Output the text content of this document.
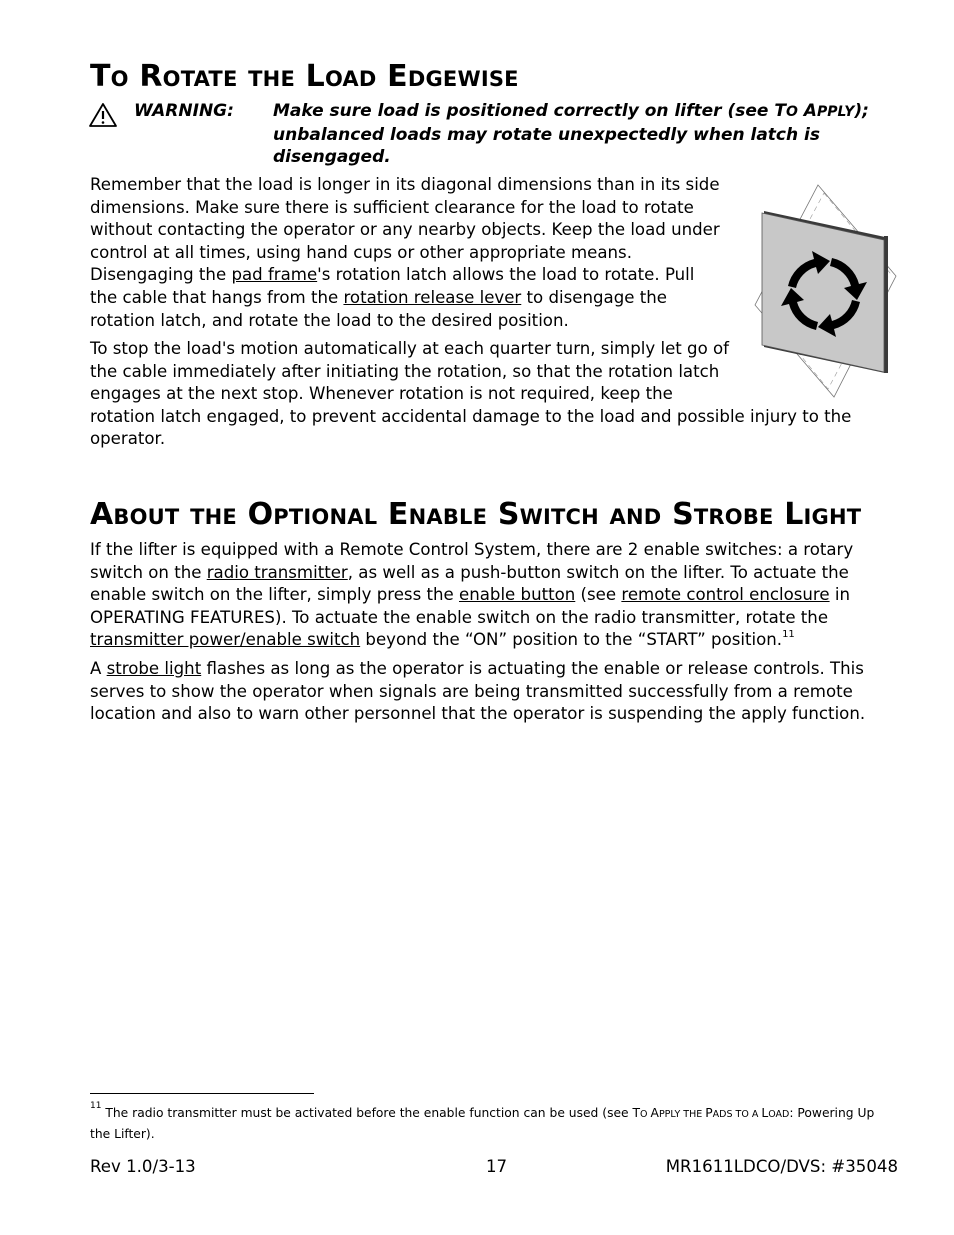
To Rotate the Load Edgewise
WARNING: Make sure load is positioned correctly on lifter (see TO APPLY);
unbalanced loads may rotate unexpectedly when latch is
disengaged.

Remember that the load is longer in its diagonal dimensions than in its side
dimensions. Make sure there is sufficient clearance for the load to rotate
without contacting the operator or any nearby objects. Keep the load under
control at all times, using hand cups or other appropriate means.
Disengaging the pad frame's rotation latch allows the load to rotate. Pull
the cable that hangs from the rotation release lever to disengage the
rotation latch, and rotate the load to the desired position.

To stop the load's motion automatically at each quarter turn, simply let go of
the cable immediately after initiating the rotation, so that the rotation latch
engages at the next stop. Whenever rotation is not required, keep the
rotation latch engaged, to prevent accidental damage to the load and possible injury to the
operator.

About the Optional Enable Switch and Strobe Light

If the lifter is equipped with a Remote Control System, there are 2 enable switches: a rotary
switch on the radio transmitter, as well as a push-button switch on the lifter. To actuate the
enable switch on the lifter, simply press the enable button (see remote control enclosure in
OPERATING FEATURES). To actuate the enable switch on the radio transmitter, rotate the
transmitter power/enable switch beyond the “ON” position to the “START” position.$^{11}$

A strobe light flashes as long as the operator is actuating the enable or release controls. This
serves to show the operator when signals are being transmitted successfully from a remote
location and also to warn other personnel that the operator is suspending the apply function.

$^{11}$ The radio transmitter must be activated before the enable function can be used (see TO APPLY THE PADS TO A LOAD: Powering Up
the Lifter).
Rev 1.0/3-13	17	MR1611LDCO/DVS: #35048
